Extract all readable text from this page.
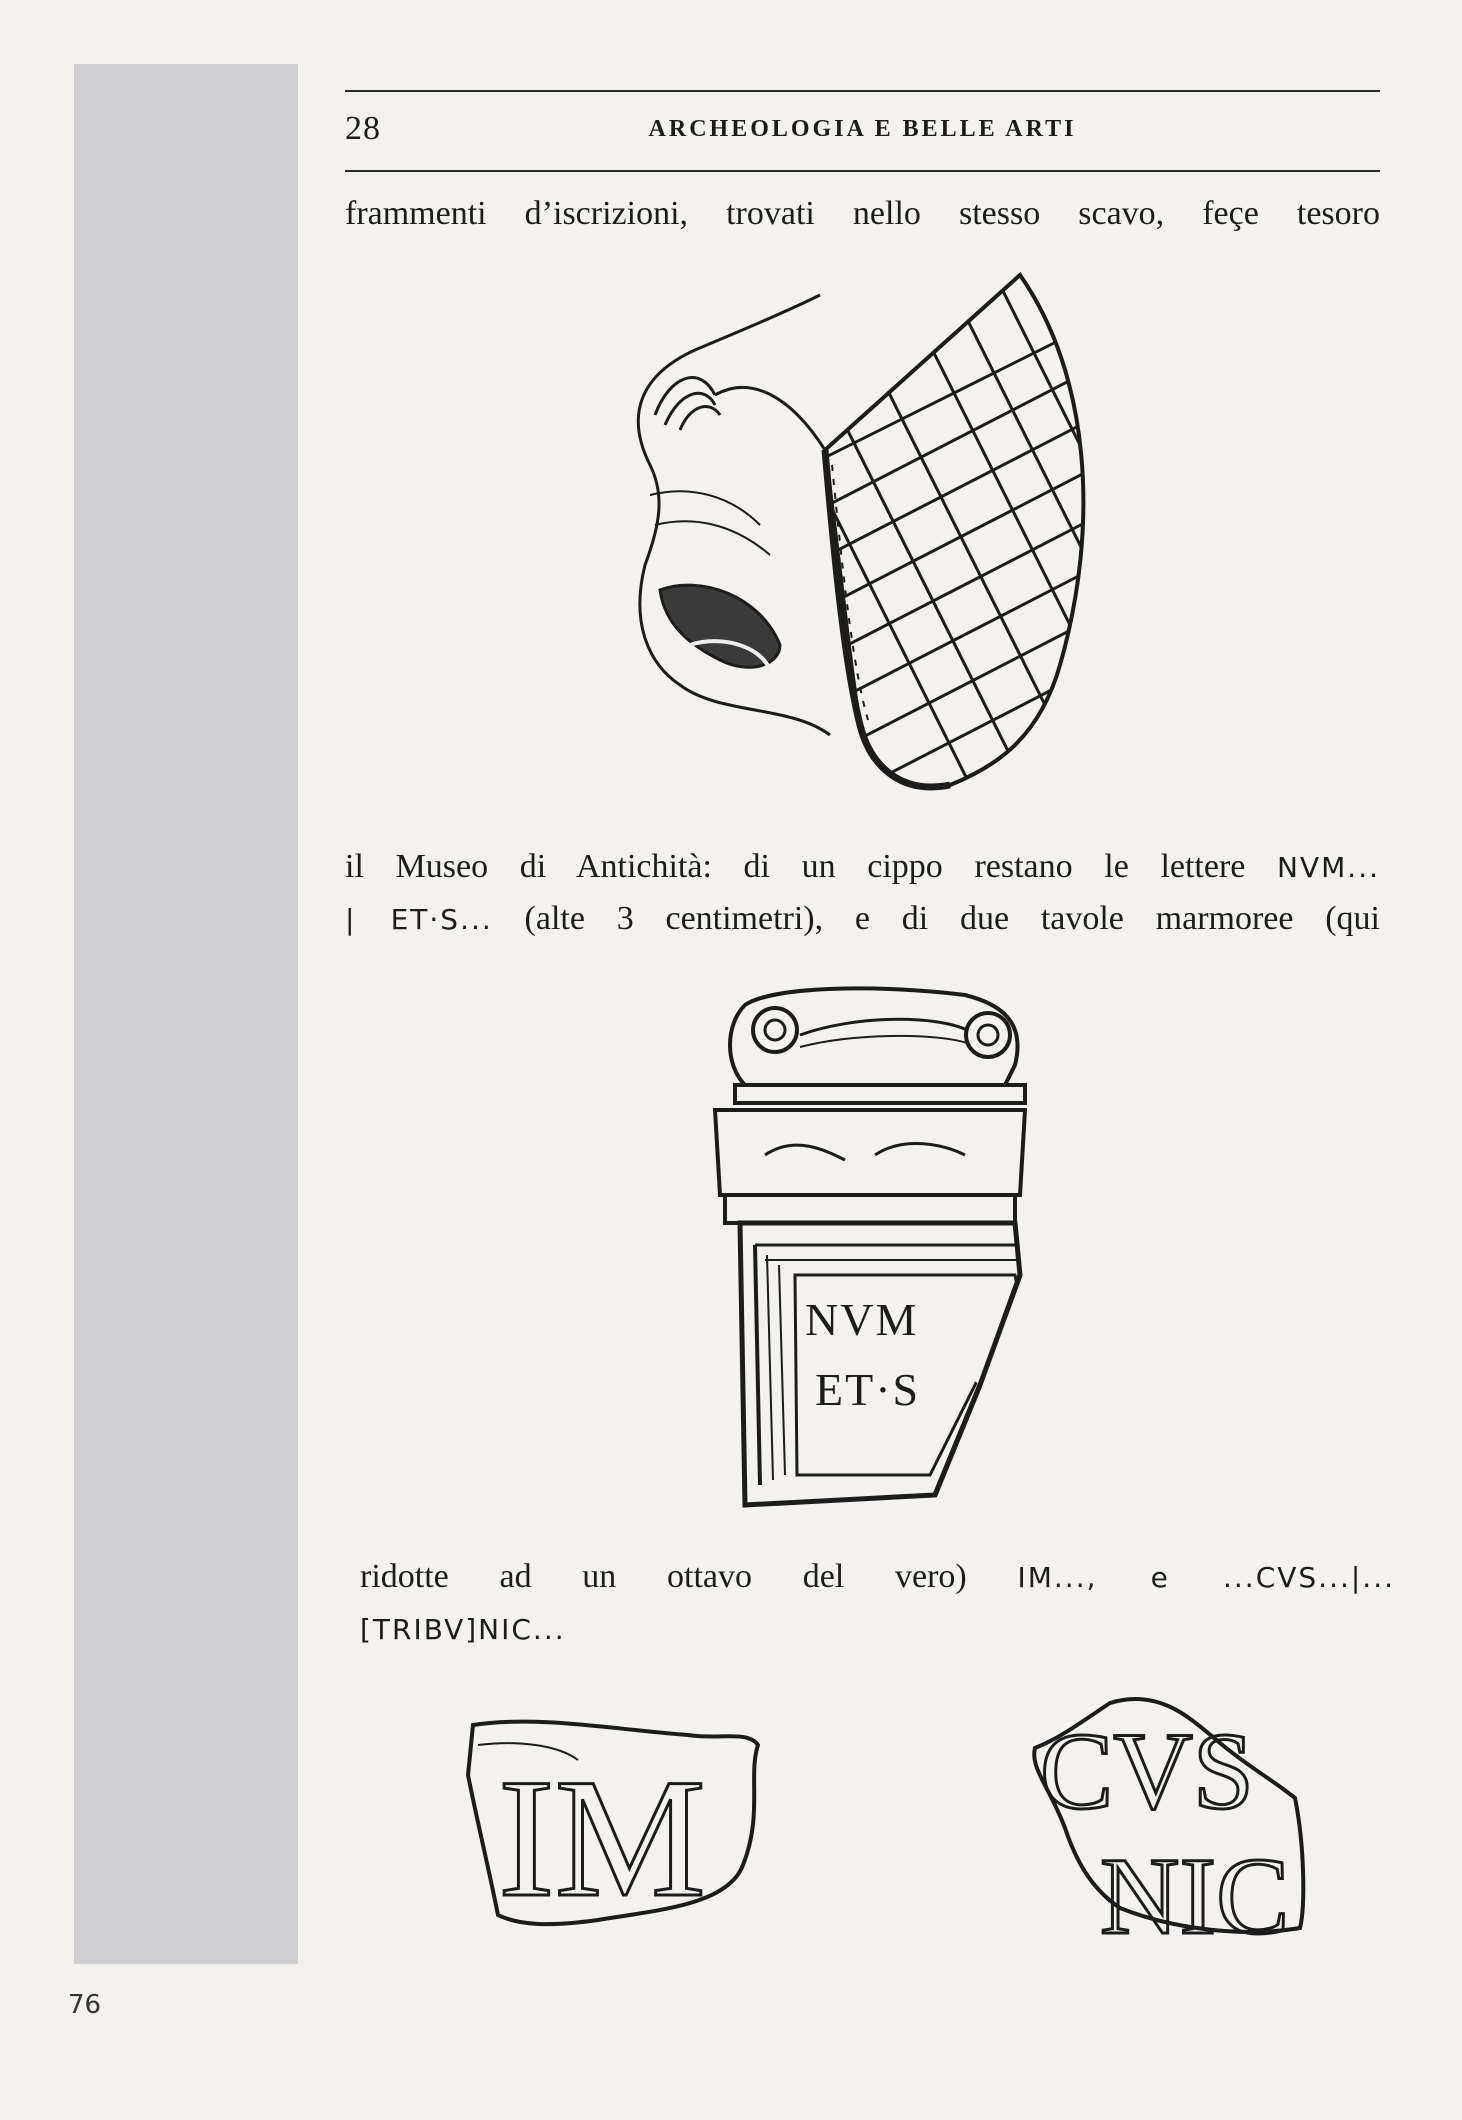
28	ARCHEOLOGIA E BELLE ARTI
frammenti d’iscrizioni, trovati nello stesso scavo, feçe tesoro
il Museo di Antichità: di un cippo restano le lettere NVM...
| ET·S... (alte 3 centimetri), e di due tavole marmoree (qui
NVM
ET·S
ridotte ad un ottavo del vero) IM..., e ...CVS...|...
[TRIBV]NIC...
IM	CVS
NIC
76
